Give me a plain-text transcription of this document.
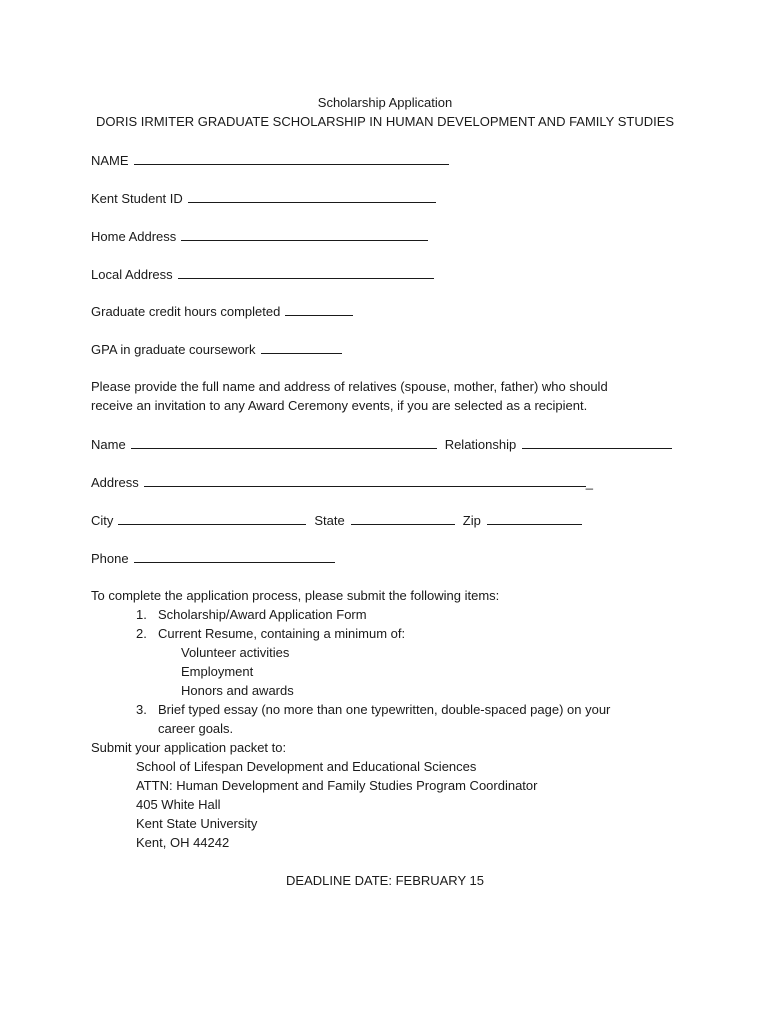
Scholarship Application
DORIS IRMITER GRADUATE SCHOLARSHIP IN HUMAN DEVELOPMENT AND FAMILY STUDIES
NAME
Kent Student ID
Home Address
Local Address
Graduate credit hours completed
GPA in graduate coursework
Please provide the full name and address of relatives (spouse, mother, father) who should
receive an invitation to any Award Ceremony events, if you are selected as a recipient.
Name	Relationship
Address	_
City	State	Zip
Phone
To complete the application process, please submit the following items:
1. Scholarship/Award Application Form
2. Current Resume, containing a minimum of:
Volunteer activities
Employment
Honors and awards
3. Brief typed essay (no more than one typewritten, double-spaced page) on your
career goals.
Submit your application packet to:
School of Lifespan Development and Educational Sciences
ATTN: Human Development and Family Studies Program Coordinator
405 White Hall
Kent State University
Kent, OH 44242
DEADLINE DATE: FEBRUARY 15
